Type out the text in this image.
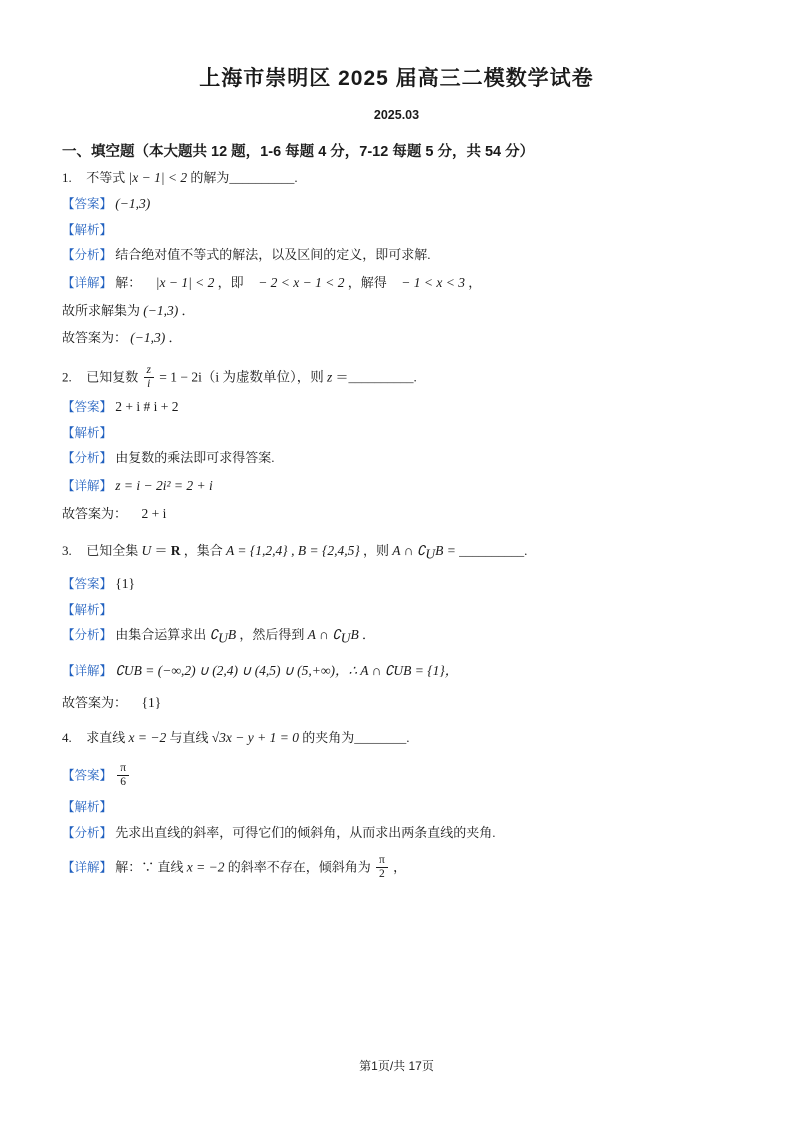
上海市崇明区 2025 届高三二模数学试卷
2025.03
一、填空题（本大题共 12 题，1-6 每题 4 分，7-12 每题 5 分，共 54 分）
1. 不等式 |x − 1| < 2 的解为__________.
【答案】 (−1,3)
【解析】
【分析】 结合绝对值不等式的解法，以及区间的定义，即可求解.
【详解】 解： |x − 1| < 2 ，即 − 2 < x − 1 < 2 ，解得 − 1 < x < 3 ，
故所求解集为 (−1,3) ．
故答案为： (−1,3) ．
2. 已知复数 $\frac{z}{i} = 1 - 2i(i$ 为虚数单位），则 z ＝__________.
【答案】 2 + i # i + 2
【解析】
【分析】 由复数的乘法即可求得答案.
【详解】 z = i − 2i² = 2 + i
故答案为： 2 + i
3. 已知全集 U ＝ R ，集合 A = {1,2,4} , B = {2,4,5} ，则 A ∩ $∁_UB$ = __________.
【答案】 {1}
【解析】
【分析】 由集合运算求出 $∁_UB$ ，然后得到 A ∩ $∁_UB$ ．
【详解】 ∁UB = (−∞,2) ∪ (2,4) ∪ (4,5) ∪ (5,+∞)，∴ A ∩ ∁UB = {1}，
故答案为： {1}
4. 求直线 x = −2 与直线 √3x − y + 1 = 0 的夹角为________.
【答案】 $\frac{\pi}{6}$
【解析】
【分析】 先求出直线的斜率，可得它们的倾斜角，从而求出两条直线的夹角.
【详解】 解：∵ 直线 x = −2 的斜率不存在，倾斜角为 $\frac{\pi}{2}$ ，
第1页/共 17页
